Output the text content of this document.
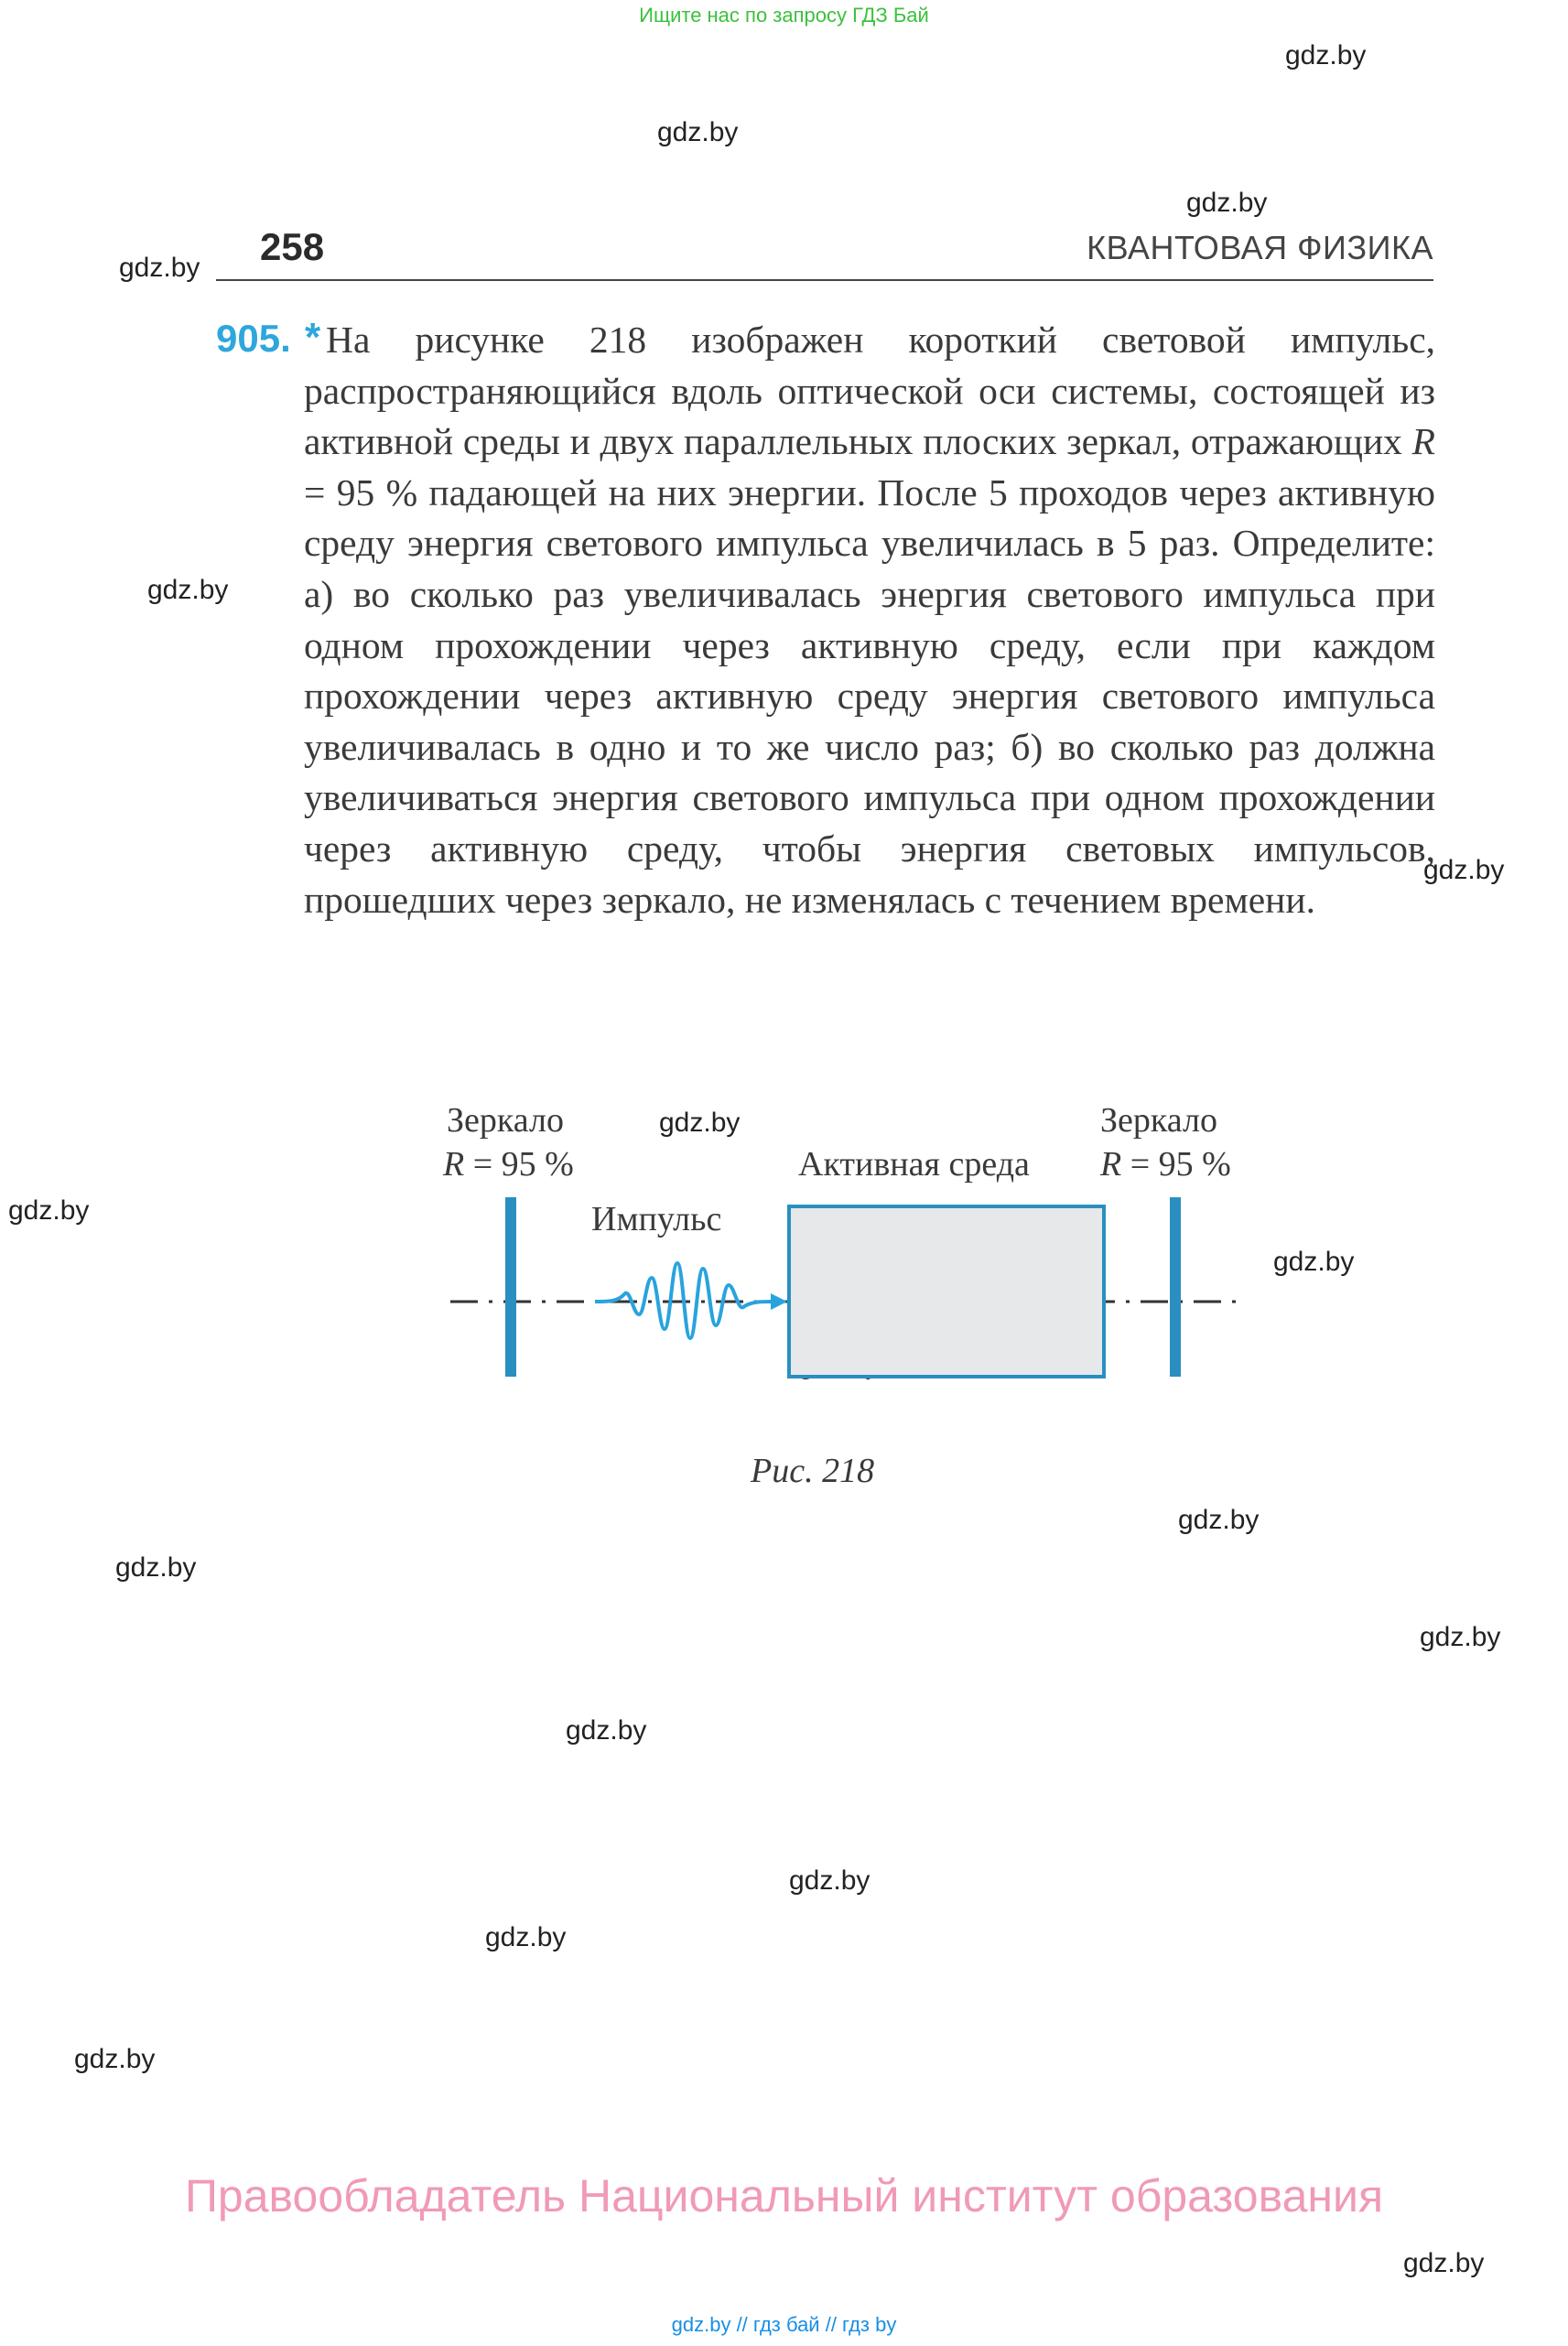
Ищите нас по запросу ГДЗ Бай
gdz.by
gdz.by
gdz.by
gdz.by
gdz.by
gdz.by
gdz.by
gdz.by
gdz.by
gdz.by
gdz.by
gdz.by
gdz.by
gdz.by
gdz.by
gdz.by
gdz.by
258	КВАНТОВАЯ ФИЗИКА
905. * На рисунке 218 изображен короткий световой импульс, распространяющийся вдоль оптической оси системы, состоящей из активной среды и двух параллельных плоских зеркал, отражающих R = 95 % падающей на них энергии. После 5 проходов через активную среду энергия светового импульса увеличилась в 5 раз. Определите: а) во сколько раз увеличивалась энергия светового импульса при одном прохождении через активную среду, если при каждом прохождении через активную среду энергия светового импульса увеличивалась в одно и то же число раз; б) во сколько раз должна увеличиваться энергия светового импульса при одном прохождении через активную среду, чтобы энергия световых импульсов, прошедших через зеркало, не изменялась с течением времени.
Зеркало
R = 95 %
Зеркало
R = 95 %
Импульс
Активная среда
Рис. 218
Правообладатель Национальный институт образования
gdz.by // гдз бай // гдз by
